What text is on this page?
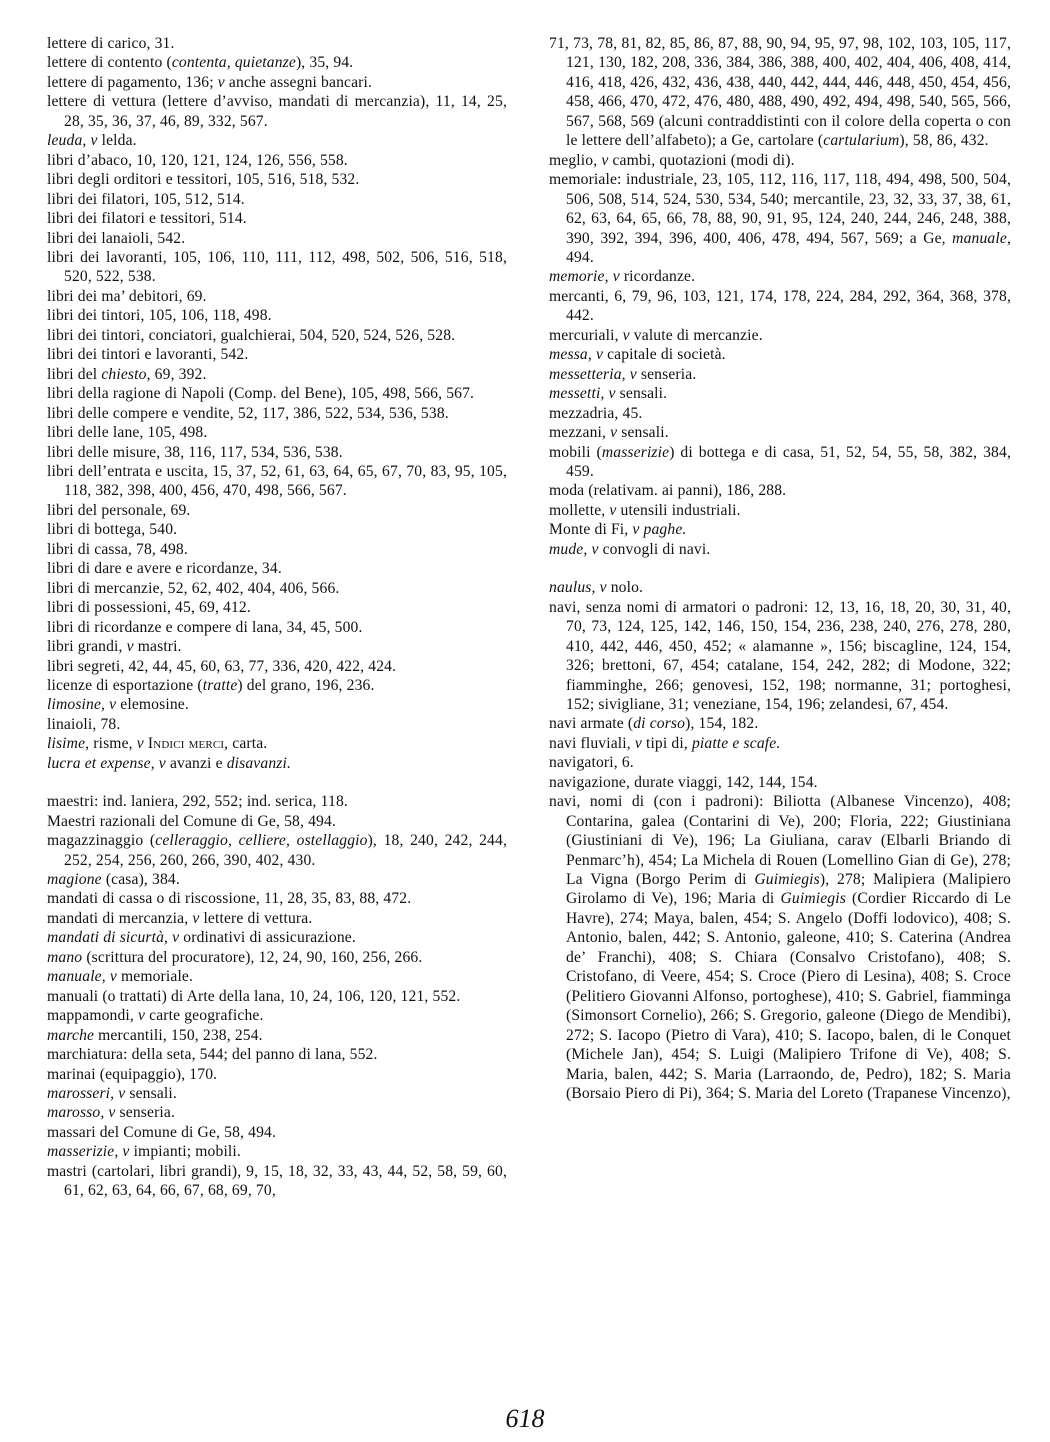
lettere di carico, 31.
lettere di contento (contenta, quietanze), 35, 94.
lettere di pagamento, 136; v anche assegni bancari.
lettere di vettura (lettere d’avviso, mandati di mercanzia), 11, 14, 25, 28, 35, 36, 37, 46, 89, 332, 567.
leuda, v lelda.
libri d’abaco, 10, 120, 121, 124, 126, 556, 558.
libri degli orditori e tessitori, 105, 516, 518, 532.
libri dei filatori, 105, 512, 514.
libri dei filatori e tessitori, 514.
libri dei lanaioli, 542.
libri dei lavoranti, 105, 106, 110, 111, 112, 498, 502, 506, 516, 518, 520, 522, 538.
libri dei ma’ debitori, 69.
libri dei tintori, 105, 106, 118, 498.
libri dei tintori, conciatori, gualchierai, 504, 520, 524, 526, 528.
libri dei tintori e lavoranti, 542.
libri del chiesto, 69, 392.
libri della ragione di Napoli (Comp. del Bene), 105, 498, 566, 567.
libri delle compere e vendite, 52, 117, 386, 522, 534, 536, 538.
libri delle lane, 105, 498.
libri delle misure, 38, 116, 117, 534, 536, 538.
libri dell’entrata e uscita, 15, 37, 52, 61, 63, 64, 65, 67, 70, 83, 95, 105, 118, 382, 398, 400, 456, 470, 498, 566, 567.
libri del personale, 69.
libri di bottega, 540.
libri di cassa, 78, 498.
libri di dare e avere e ricordanze, 34.
libri di mercanzie, 52, 62, 402, 404, 406, 566.
libri di possessioni, 45, 69, 412.
libri di ricordanze e compere di lana, 34, 45, 500.
libri grandi, v mastri.
libri segreti, 42, 44, 45, 60, 63, 77, 336, 420, 422, 424.
licenze di esportazione (tratte) del grano, 196, 236.
limosine, v elemosine.
linaioli, 78.
lisime, risme, v Indici merci, carta.
lucra et expense, v avanzi e disavanzi.
maestri: ind. laniera, 292, 552; ind. serica, 118.
Maestri razionali del Comune di Ge, 58, 494.
magazzinaggio (celleraggio, celliere, ostellaggio), 18, 240, 242, 244, 252, 254, 256, 260, 266, 390, 402, 430.
magione (casa), 384.
mandati di cassa o di riscossione, 11, 28, 35, 83, 88, 472.
mandati di mercanzia, v lettere di vettura.
mandati di sicurtà, v ordinativi di assicurazione.
mano (scrittura del procuratore), 12, 24, 90, 160, 256, 266.
manuale, v memoriale.
manuali (o trattati) di Arte della lana, 10, 24, 106, 120, 121, 552.
mappamondi, v carte geografiche.
marche mercantili, 150, 238, 254.
marchiatura: della seta, 544; del panno di lana, 552.
marinai (equipaggio), 170.
marosseri, v sensali.
marosso, v senseria.
massari del Comune di Ge, 58, 494.
masserizie, v impianti; mobili.
mastri (cartolari, libri grandi), 9, 15, 18, 32, 33, 43, 44, 52, 58, 59, 60, 61, 62, 63, 64, 66, 67, 68, 69, 70,
71, 73, 78, 81, 82, 85, 86, 87, 88, 90, 94, 95, 97, 98, 102, 103, 105, 117, 121, 130, 182, 208, 336, 384, 386, 388, 400, 402, 404, 406, 408, 414, 416, 418, 426, 432, 436, 438, 440, 442, 444, 446, 448, 450, 454, 456, 458, 466, 470, 472, 476, 480, 488, 490, 492, 494, 498, 540, 565, 566, 567, 568, 569 (alcuni contraddistinti con il colore della coperta o con le lettere dell’alfabeto); a Ge, cartolare (cartularium), 58, 86, 432.
meglio, v cambi, quotazioni (modi di).
memoriale: industriale, 23, 105, 112, 116, 117, 118, 494, 498, 500, 504, 506, 508, 514, 524, 530, 534, 540; mercantile, 23, 32, 33, 37, 38, 61, 62, 63, 64, 65, 66, 78, 88, 90, 91, 95, 124, 240, 244, 246, 248, 388, 390, 392, 394, 396, 400, 406, 478, 494, 567, 569; a Ge, manuale, 494.
memorie, v ricordanze.
mercanti, 6, 79, 96, 103, 121, 174, 178, 224, 284, 292, 364, 368, 378, 442.
mercuriali, v valute di mercanzie.
messa, v capitale di società.
messetteria, v senseria.
messetti, v sensali.
mezzadria, 45.
mezzani, v sensali.
mobili (masserizie) di bottega e di casa, 51, 52, 54, 55, 58, 382, 384, 459.
moda (relativam. ai panni), 186, 288.
mollette, v utensili industriali.
Monte di Fi, v paghe.
mude, v convogli di navi.
naulus, v nolo.
navi, senza nomi di armatori o padroni: 12, 13, 16, 18, 20, 30, 31, 40, 70, 73, 124, 125, 142, 146, 150, 154, 236, 238, 240, 276, 278, 280, 410, 442, 446, 450, 452; « alamanne », 156; biscagline, 124, 154, 326; brettoni, 67, 454; catalane, 154, 242, 282; di Modone, 322; fiamminghe, 266; genovesi, 152, 198; normanne, 31; portoghesi, 152; sivigliane, 31; veneziane, 154, 196; zelandesi, 67, 454.
navi armate (di corso), 154, 182.
navi fluviali, v tipi di, piatte e scafe.
navigatori, 6.
navigazione, durate viaggi, 142, 144, 154.
navi, nomi di (con i padroni): Biliotta (Albanese Vincenzo), 408; Contarina, galea (Contarini di Ve), 200; Floria, 222; Giustiniana (Giustiniani di Ve), 196; La Giuliana, carav (Elbarli Briando di Penmarc’h), 454; La Michela di Rouen (Lomellino Gian di Ge), 278; La Vigna (Borgo Perim di Guimiegis), 278; Malipiera (Malipiero Girolamo di Ve), 196; Maria di Guimiegis (Cordier Riccardo di Le Havre), 274; Maya, balen, 454; S. Angelo (Doffi lodovico), 408; S. Antonio, balen, 442; S. Antonio, galeone, 410; S. Caterina (Andrea de’ Franchi), 408; S. Chiara (Consalvo Cristofano), 408; S. Cristofano, di Veere, 454; S. Croce (Piero di Lesina), 408; S. Croce (Pelitiero Giovanni Alfonso, portoghese), 410; S. Gabriel, fiamminga (Simonsort Cornelio), 266; S. Gregorio, galeone (Diego de Mendibi), 272; S. Iacopo (Pietro di Vara), 410; S. Iacopo, balen, di le Conquet (Michele Jan), 454; S. Luigi (Malipiero Trifone di Ve), 408; S. Maria, balen, 442; S. Maria (Larraondo, de, Pedro), 182; S. Maria (Borsaio Piero di Pi), 364; S. Maria del Loreto (Trapanese Vincenzo),
618
